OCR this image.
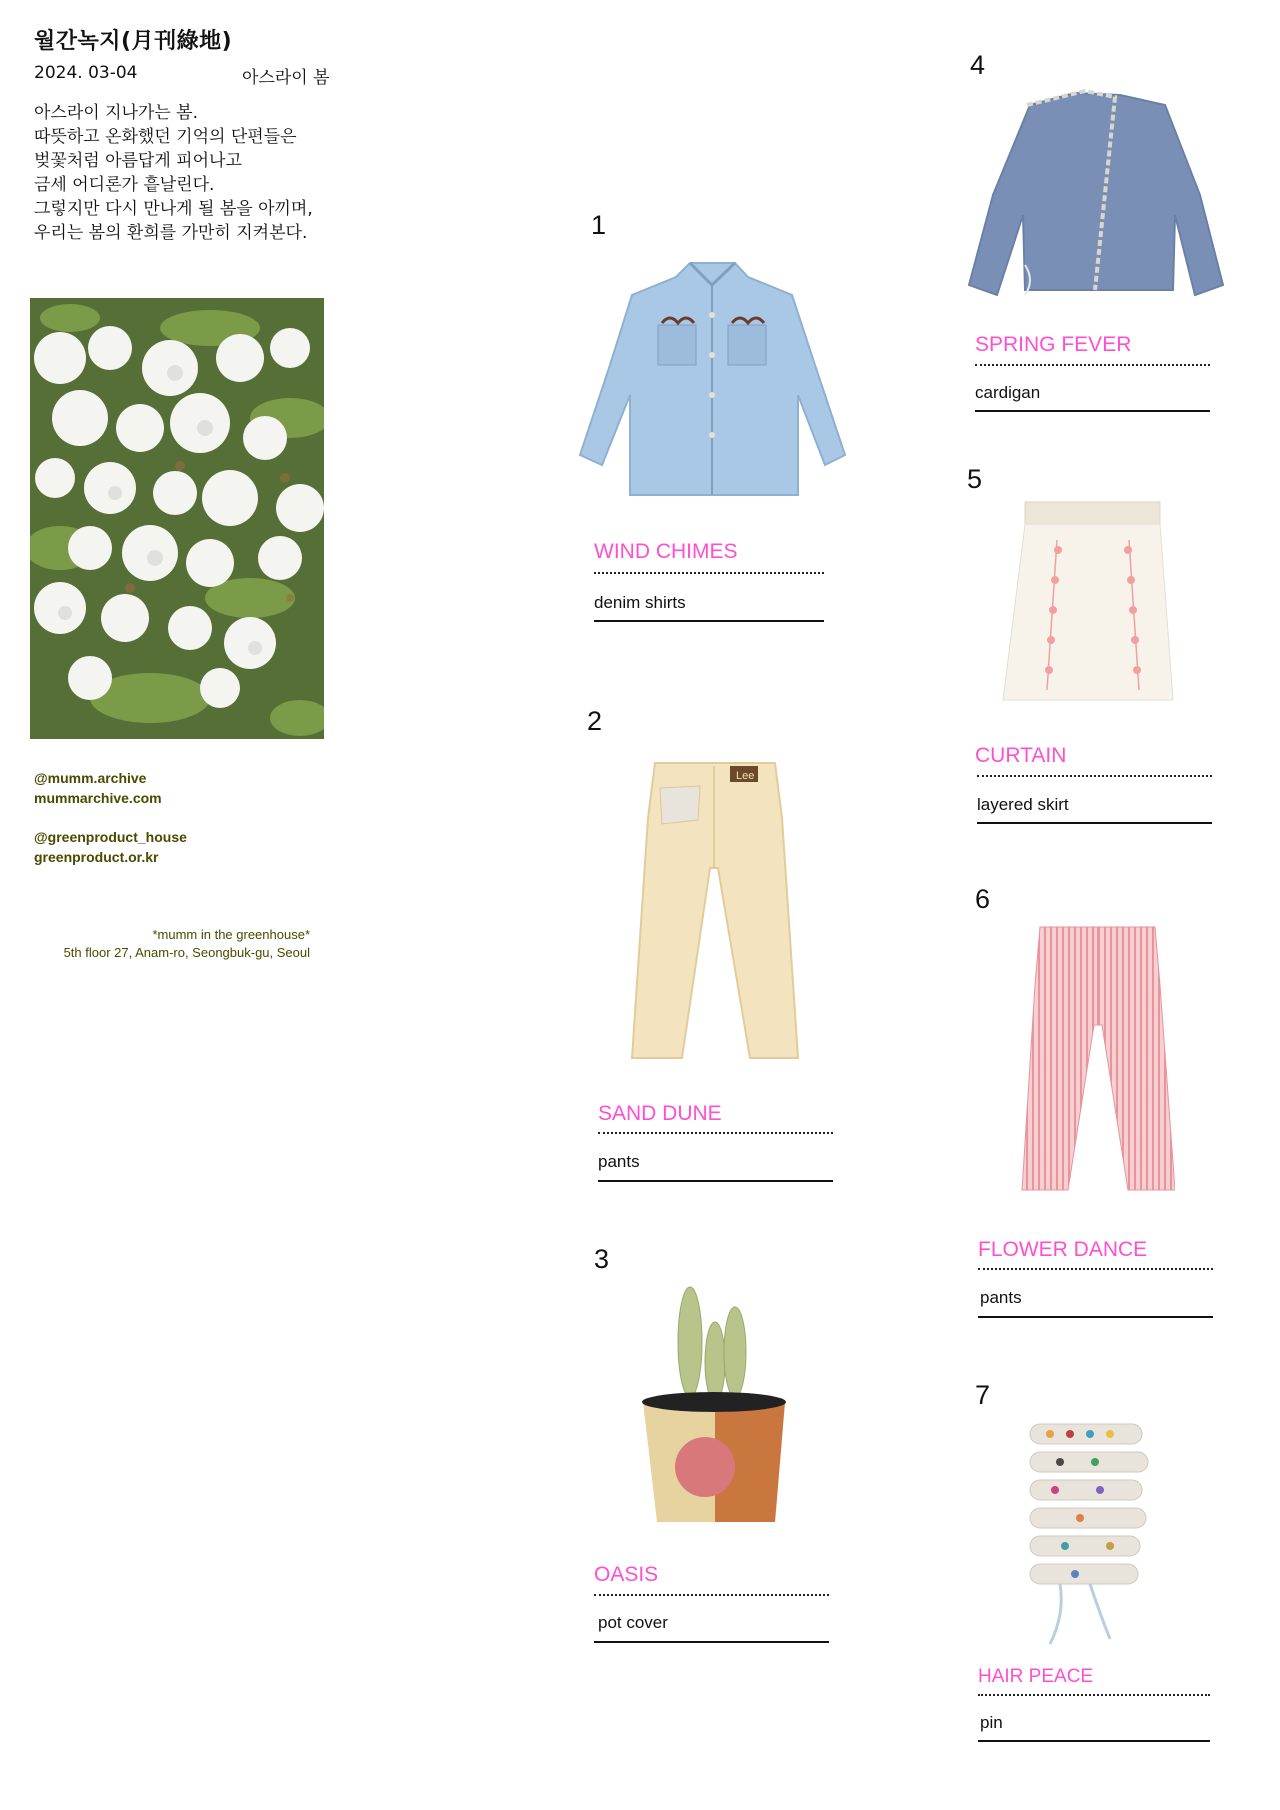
월간녹지(月刊綠地)
2024. 03-04	아스라이 봄
아스라이 지나가는 봄.
따뜻하고 온화했던 기억의 단편들은
벚꽃처럼 아름답게 피어나고
금세 어디론가 흩날린다.
그렇지만 다시 만나게 될 봄을 아끼며,
우리는 봄의 환희를 가만히 지켜본다.
@mumm.archive
mummarchive.com
@greenproduct_house
greenproduct.or.kr
*mumm in the greenhouse*
5th floor 27, Anam-ro, Seongbuk-gu, Seoul
1
WIND CHIMES
denim shirts
2
Lee
SAND DUNE
pants
3
OASIS
pot cover
4
SPRING FEVER
cardigan
5
CURTAIN
layered skirt
6
FLOWER DANCE
pants
7
HAIR PEACE
pin
